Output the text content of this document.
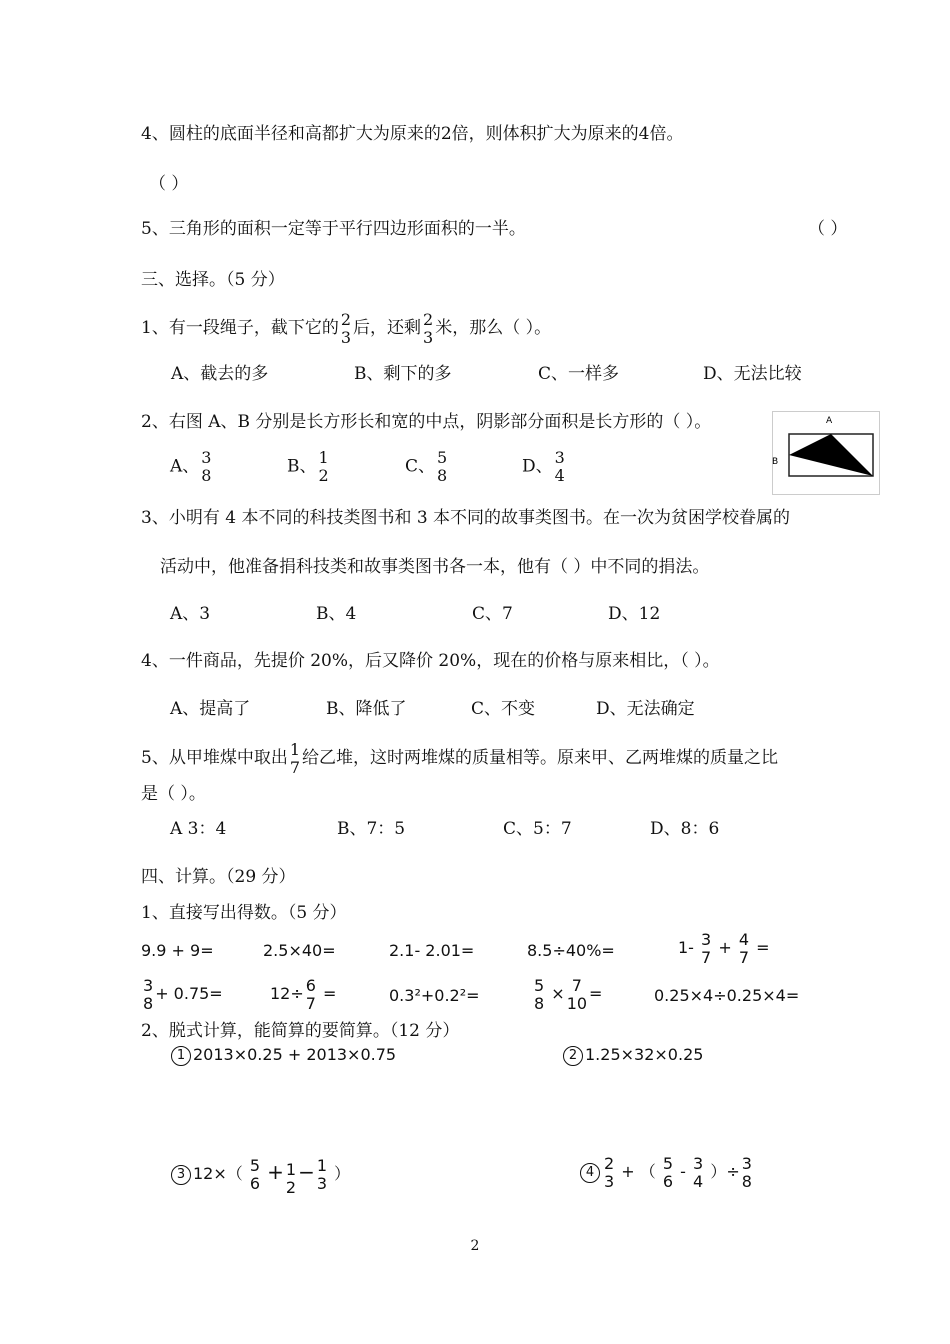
4、圆柱的底面半径和高都扩大为原来的2倍，则体积扩大为原来的4倍。
（ ）
5、三角形的面积一定等于平行四边形面积的一半。	（ ）
三、选择。（5 分）
1、有一段绳子，截下它的 2
3 后，还剩 2
3 米，那么（ ）。
A、截去的多	B、剩下的多	C、一样多	D、无法比较
2、右图 A、B 分别是长方形长和宽的中点，阴影部分面积是长方形的（ ）。
A、 3
8	B、 1
2	C、 5
8	D、 3
4
A
B
3、小明有 4 本不同的科技类图书和 3 本不同的故事类图书。在一次为贫困学校眷属的
活动中，他准备捐科技类和故事类图书各一本，他有（ ）中不同的捐法。
A、3	B、4	C、7	D、12
4、一件商品，先提价 20%，后又降价 20%，现在的价格与原来相比，（ ）。
A、提高了	B、降低了	C、不变	D、无法确定
5、从甲堆煤中取出 1
7 给乙堆，这时两堆煤的质量相等。原来甲、乙两堆煤的质量之比
是（ ）。
A 3：4	B、7：5	C、5：7	D、8：6
四、计算。（29 分）
1、直接写出得数。（5 分）
9.9 + 9=	2.5×40=	2.1- 2.01=	8.5÷40%=	1- 3
7 + 4
7 =
3
8 + 0.75=	12÷ 6
7 =	0.3²+0.2²=
5
8 × 7
10 =	0.25×4÷0.25×4=
2、脱式计算，能简算的要简算。（12 分）
1 2013×0.25 + 2013×0.75	2 1.25×32×0.25
3 12×（ 5
6 + 1
2
− 1
3 ）	4 2
3 + （ 5
6 - 3
4 ）÷ 3
8
2
